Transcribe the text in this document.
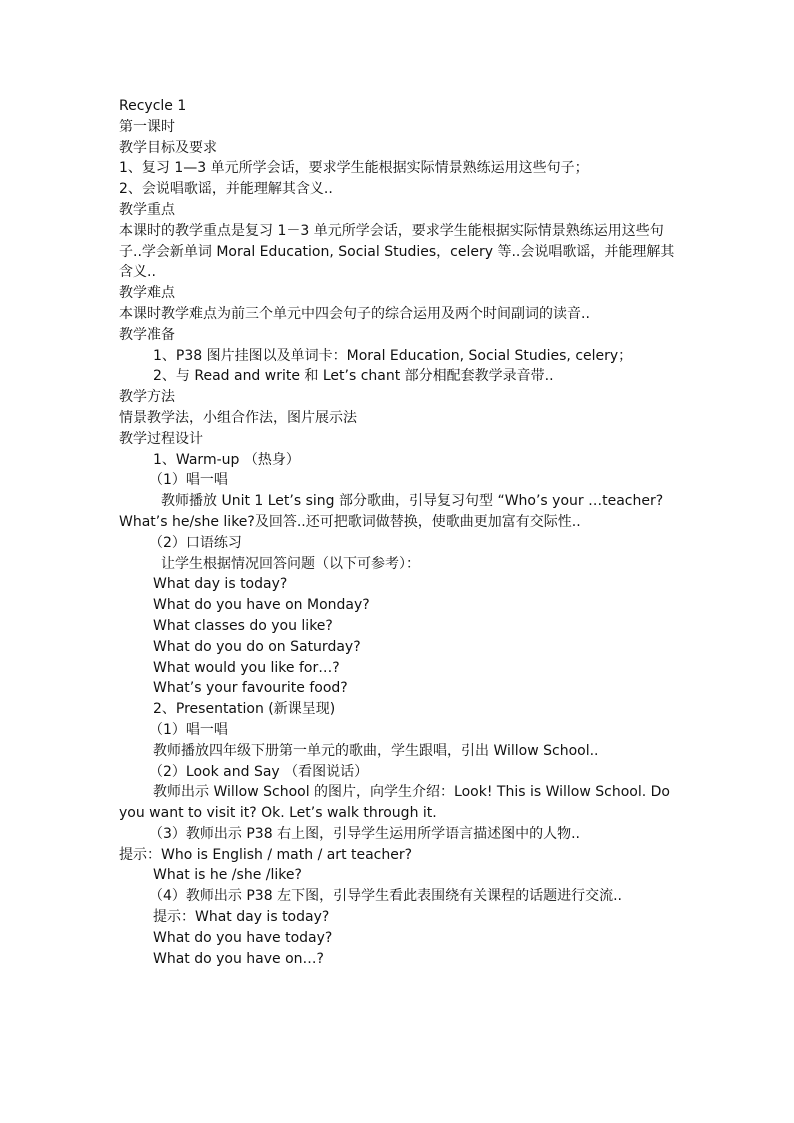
Recycle 1
第一课时
教学目标及要求
1、复习 1—3 单元所学会话，要求学生能根据实际情景熟练运用这些句子；
2、会说唱歌谣，并能理解其含义..
教学重点
本课时的教学重点是复习 1－3 单元所学会话，要求学生能根据实际情景熟练运用这些句子..学会新单词 Moral Education, Social Studies，celery 等..会说唱歌谣，并能理解其含义..
教学难点
本课时教学难点为前三个单元中四会句子的综合运用及两个时间副词的读音..
教学准备
1、P38 图片挂图以及单词卡：Moral Education, Social Studies, celery；
2、与 Read and write 和 Let’s chant 部分相配套教学录音带..
教学方法
情景教学法，小组合作法，图片展示法
教学过程设计
1、Warm-up （热身）
（1）唱一唱
教师播放 Unit 1 Let’s sing 部分歌曲，引导复习句型 “Who’s your …teacher? What’s he/she like?及回答..还可把歌词做替换，使歌曲更加富有交际性..
（2）口语练习
让学生根据情况回答问题（以下可参考）：
What day is today?
What do you have on Monday?
What classes do you like?
What do you do on Saturday?
What would you like for…?
What’s your favourite food?
2、Presentation (新课呈现)
（1）唱一唱
教师播放四年级下册第一单元的歌曲，学生跟唱，引出 Willow School..
（2）Look and Say （看图说话）
教师出示 Willow School 的图片，向学生介绍：Look! This is Willow School. Do you want to visit it? Ok. Let’s walk through it.
（3）教师出示 P38 右上图，引导学生运用所学语言描述图中的人物..
提示：Who is English / math / art teacher?
What is he /she /like?
（4）教师出示 P38 左下图，引导学生看此表围绕有关课程的话题进行交流..
提示：What day is today?
What do you have today?
What do you have on…?
